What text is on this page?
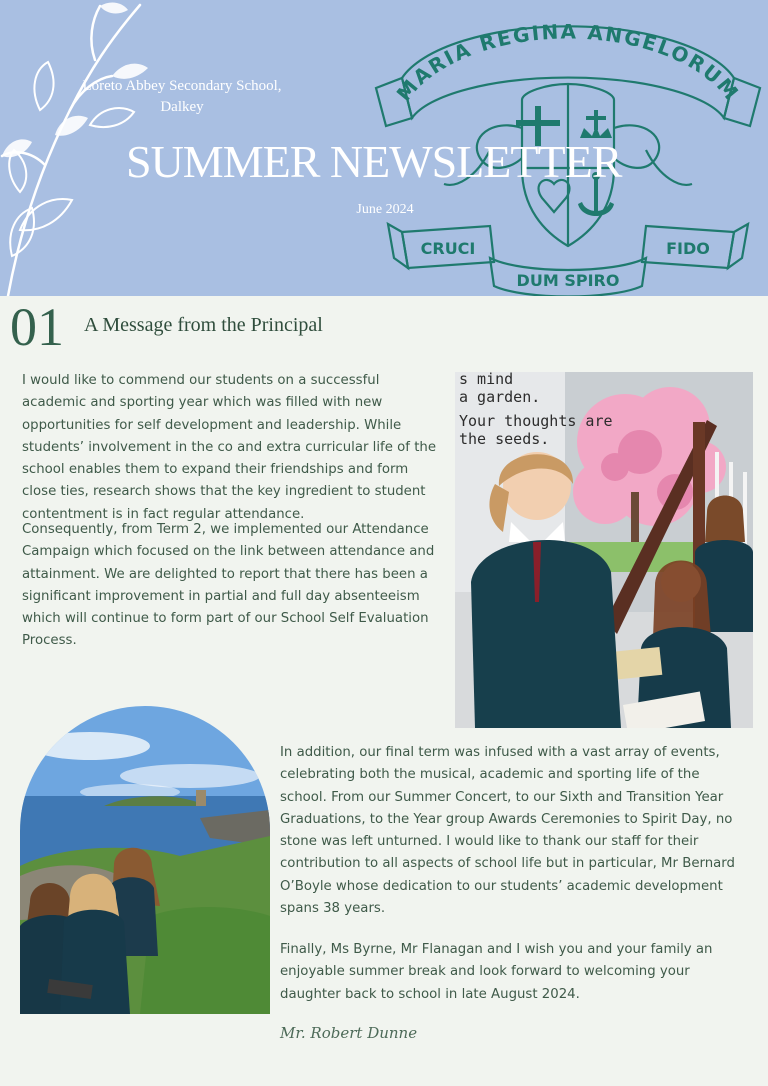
MARIA REGINA ANGELORUM
CRUCI
DUM SPIRO
FIDO
Loreto Abbey Secondary School, Dalkey
SUMMER NEWSLETTER
June 2024
01 A Message from the Principal

I would like to commend our students on a successful academic and sporting year which was filled with new opportunities for self development and leadership. While students’ involvement in the co and extra curricular life of the school enables them to expand their friendships and form close ties, research shows that the key ingredient to student contentment is in fact regular attendance.

Consequently, from Term 2, we implemented our Attendance Campaign which focused on the link between attendance and attainment. We are delighted to report that there has been a significant improvement in partial and full day absenteeism which will continue to form part of our School Self Evaluation Process.

s mind
a garden.
Your thoughts are
the seeds.

In addition, our final term was infused with a vast array of events, celebrating both the musical, academic and sporting life of the school. From our Summer Concert, to our Sixth and Transition Year Graduations, to the Year group Awards Ceremonies to Spirit Day, no stone was left unturned. I would like to thank our staff for their contribution to all aspects of school life but in particular, Mr Bernard O’Boyle whose dedication to our students’ academic development spans 38 years.

Finally, Ms Byrne, Mr Flanagan and I wish you and your family an enjoyable summer break and look forward to welcoming your daughter back to school in late August 2024.

Mr. Robert Dunne
